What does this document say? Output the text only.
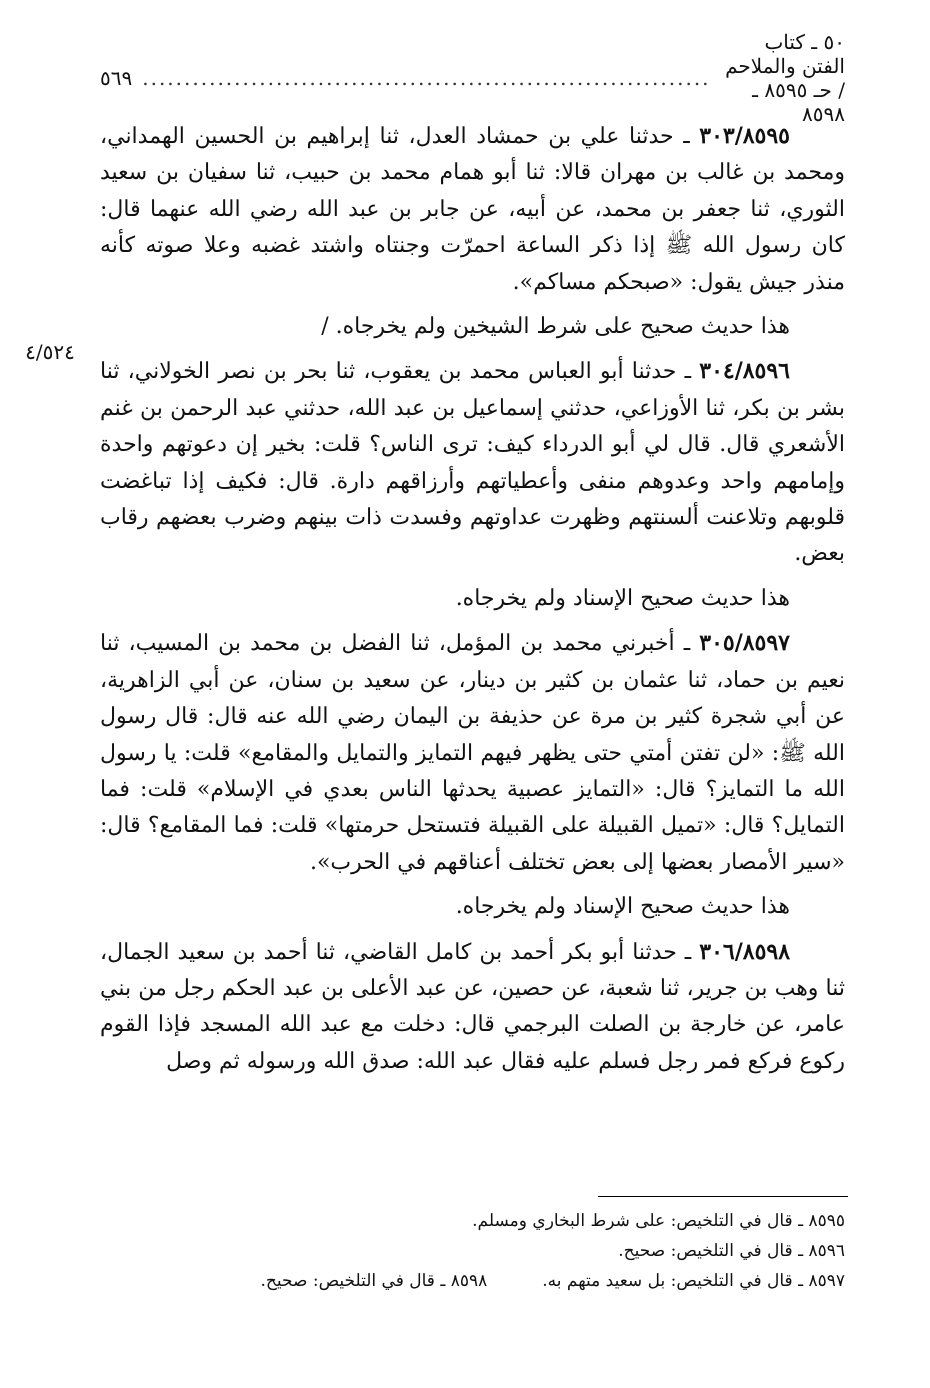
٥٠ ـ كتاب الفتن والملاحم / حـ ٨٥٩٥ ـ ٨٥٩٨
....................................................................
٥٦٩
٤/٥٢٤

٣٠٣/٨٥٩٥ ـ حدثنا علي بن حمشاد العدل، ثنا إبراهيم بن الحسين الهمداني، ومحمد بن غالب بن مهران قالا: ثنا أبو همام محمد بن حبيب، ثنا سفيان بن سعيد الثوري، ثنا جعفر بن محمد، عن أبيه، عن جابر بن عبد الله رضي الله عنهما قال: كان رسول الله ﷺ إذا ذكر الساعة احمرّت وجنتاه واشتد غضبه وعلا صوته كأنه منذر جيش يقول: «صبحكم مساكم».

هذا حديث صحيح على شرط الشيخين ولم يخرجاه. /

٣٠٤/٨٥٩٦ ـ حدثنا أبو العباس محمد بن يعقوب، ثنا بحر بن نصر الخولاني، ثنا بشر بن بكر، ثنا الأوزاعي، حدثني إسماعيل بن عبد الله، حدثني عبد الرحمن بن غنم الأشعري قال. قال لي أبو الدرداء كيف: ترى الناس؟ قلت: بخير إن دعوتهم واحدة وإمامهم واحد وعدوهم منفى وأعطياتهم وأرزاقهم دارة. قال: فكيف إذا تباغضت قلوبهم وتلاعنت ألسنتهم وظهرت عداوتهم وفسدت ذات بينهم وضرب بعضهم رقاب بعض.

هذا حديث صحيح الإسناد ولم يخرجاه.

٣٠٥/٨٥٩٧ ـ أخبرني محمد بن المؤمل، ثنا الفضل بن محمد بن المسيب، ثنا نعيم بن حماد، ثنا عثمان بن كثير بن دينار، عن سعيد بن سنان، عن أبي الزاهرية، عن أبي شجرة كثير بن مرة عن حذيفة بن اليمان رضي الله عنه قال: قال رسول الله ﷺ: «لن تفتن أمتي حتى يظهر فيهم التمايز والتمايل والمقامع» قلت: يا رسول الله ما التمايز؟ قال: «التمايز عصبية يحدثها الناس بعدي في الإسلام» قلت: فما التمايل؟ قال: «تميل القبيلة على القبيلة فتستحل حرمتها» قلت: فما المقامع؟ قال: «سير الأمصار بعضها إلى بعض تختلف أعناقهم في الحرب».

هذا حديث صحيح الإسناد ولم يخرجاه.

٣٠٦/٨٥٩٨ ـ حدثنا أبو بكر أحمد بن كامل القاضي، ثنا أحمد بن سعيد الجمال، ثنا وهب بن جرير، ثنا شعبة، عن حصين، عن عبد الأعلى بن عبد الحكم رجل من بني عامر، عن خارجة بن الصلت البرجمي قال: دخلت مع عبد الله المسجد فإذا القوم ركوع فركع فمر رجل فسلم عليه فقال عبد الله: صدق الله ورسوله ثم وصل

٨٥٩٥ ـ قال في التلخيص: على شرط البخاري ومسلم.

٨٥٩٦ ـ قال في التلخيص: صحيح.

٨٥٩٧ ـ قال في التلخيص: بل سعيد متهم به.

٨٥٩٨ ـ قال في التلخيص: صحيح.
